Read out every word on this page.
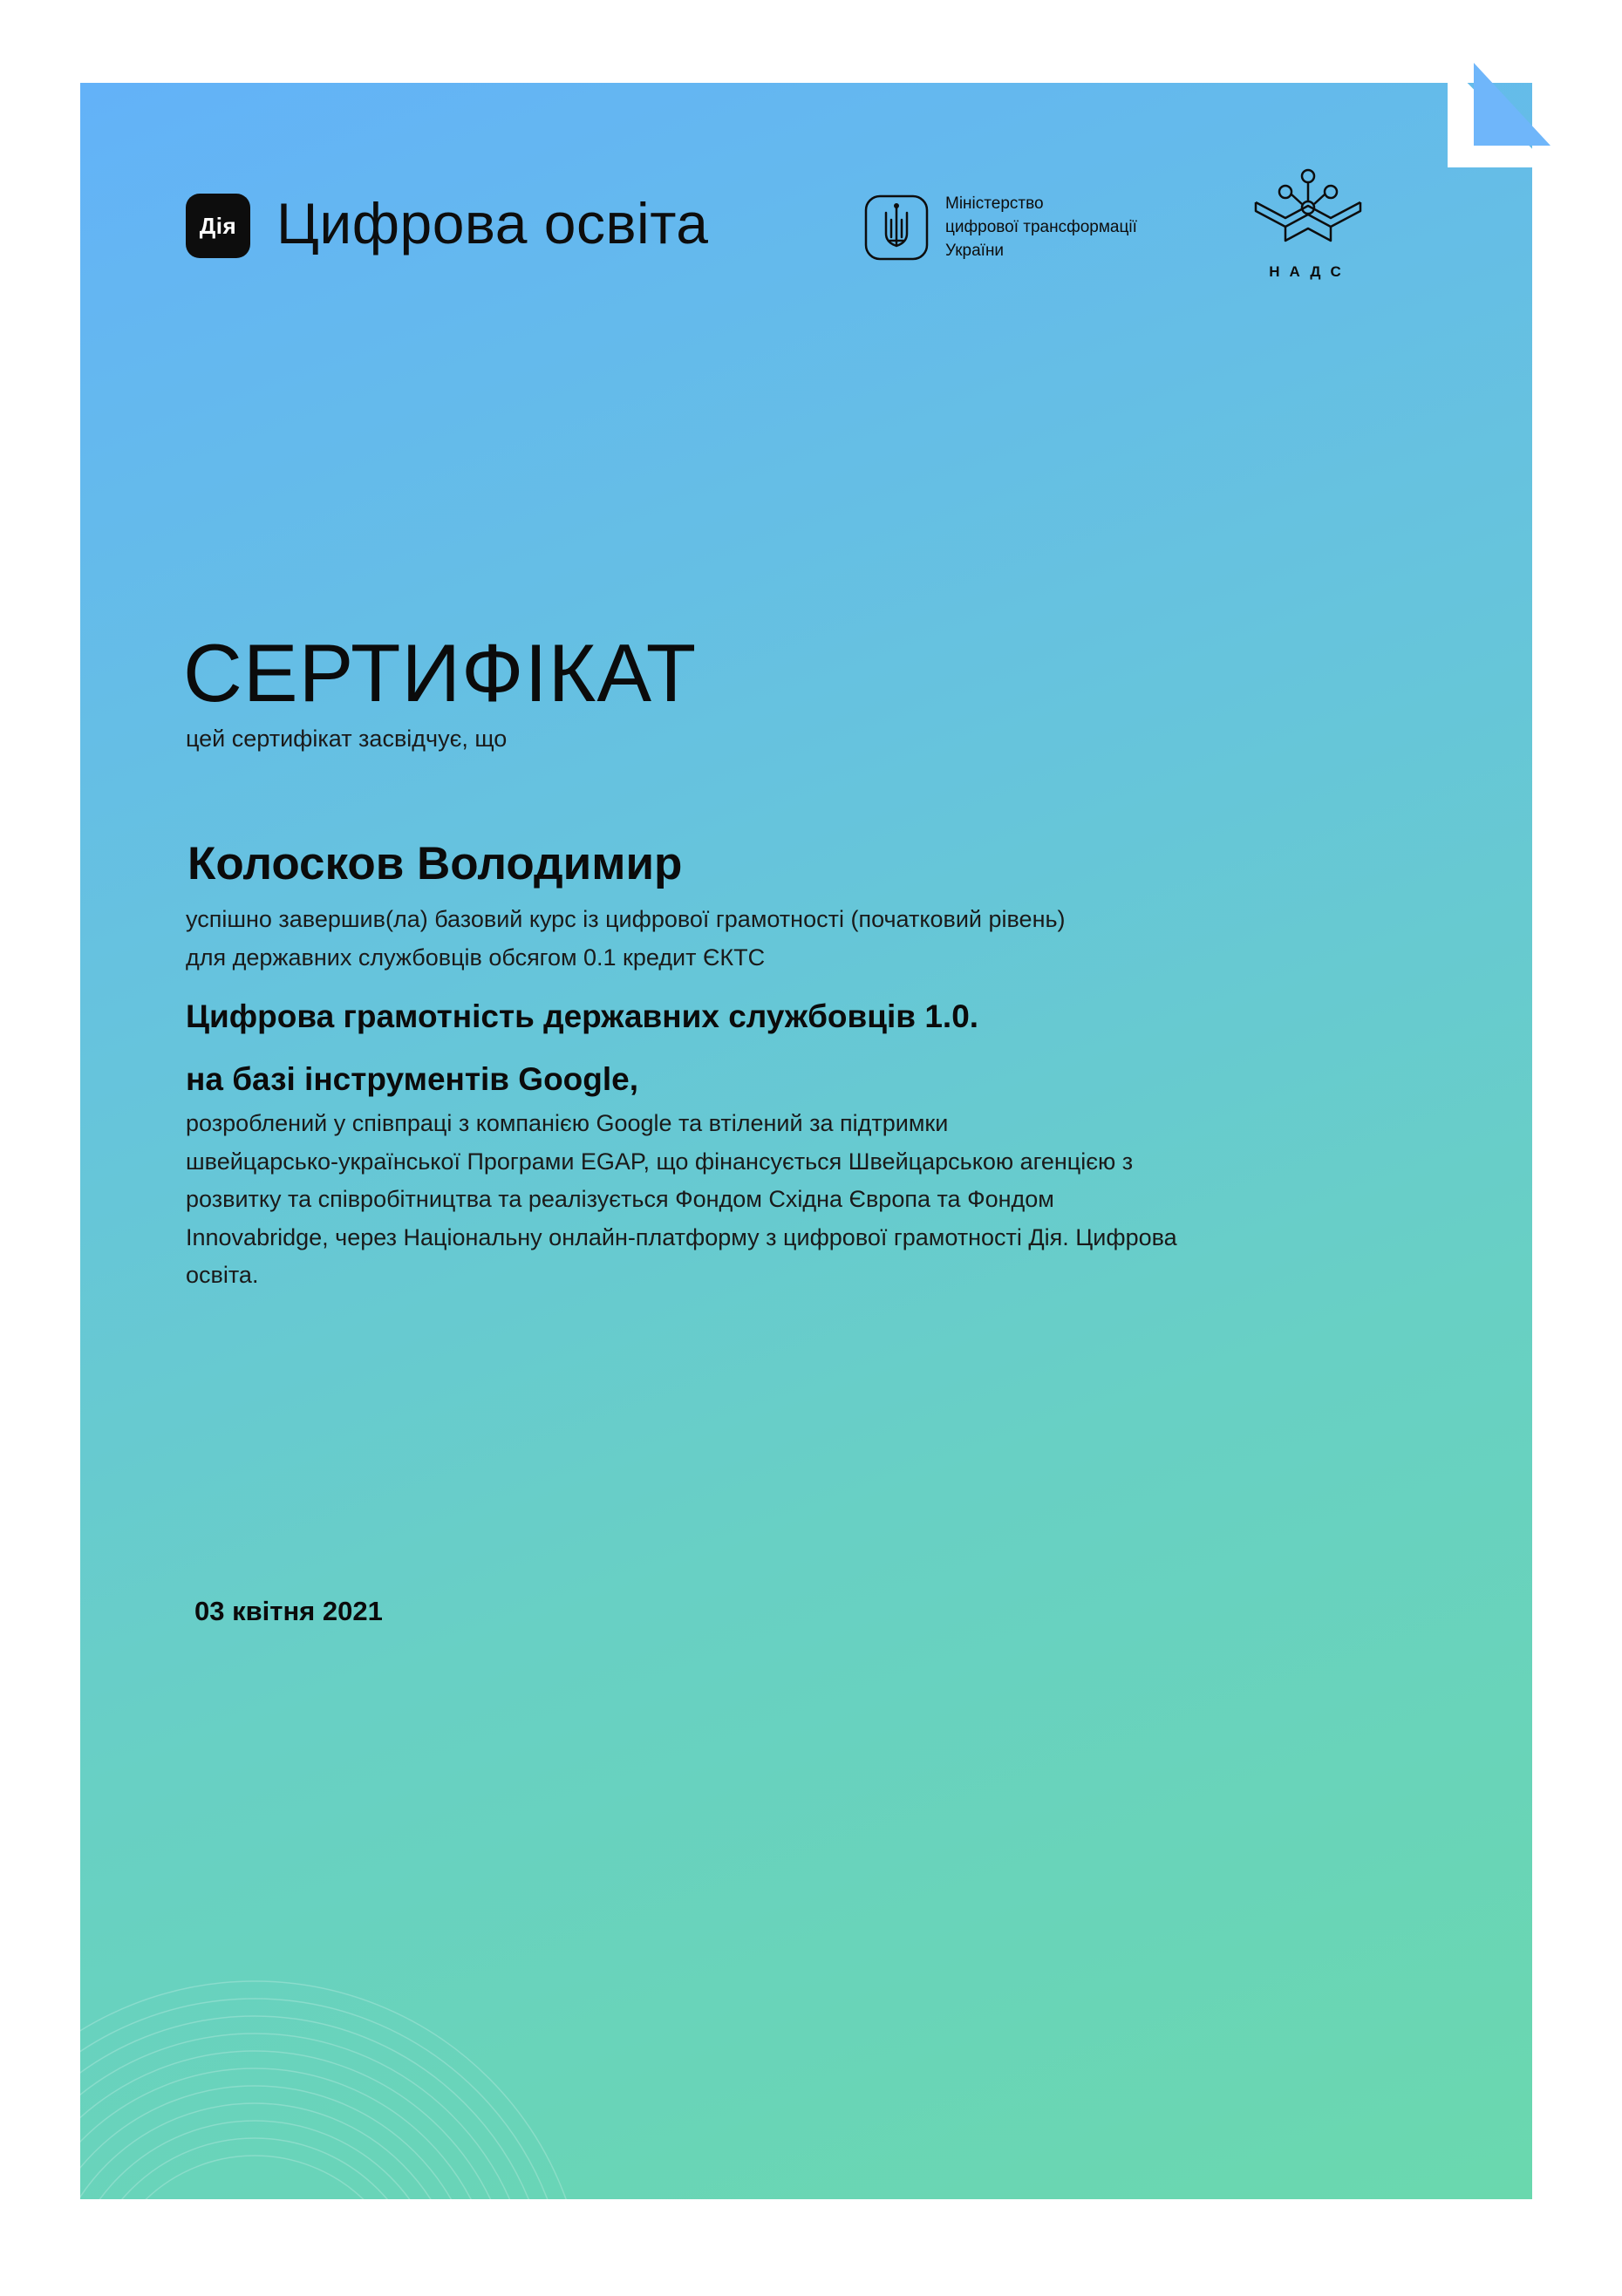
Дія Цифрова освіта	Міністерство
цифрової трансформації
України
НАДС
СЕРТИФІКАТ
цей сертифікат засвідчує, що
Колосков Володимир
успішно завершив(ла) базовий курс із цифрової грамотності (початковий рівень)
для державних службовців обсягом 0.1 кредит ЄКТС
Цифрова грамотність державних службовців 1.0.
на базі інструментів Google,
розроблений у співпраці з компанією Google та втілений за підтримки
швейцарсько-української Програми EGAP, що фінансується Швейцарською агенцією з
розвитку та співробітництва та реалізується Фондом Східна Європа та Фондом
Innovabridge, через Національну онлайн-платформу з цифрової грамотності Дія. Цифрова
освіта.
03 квітня 2021
